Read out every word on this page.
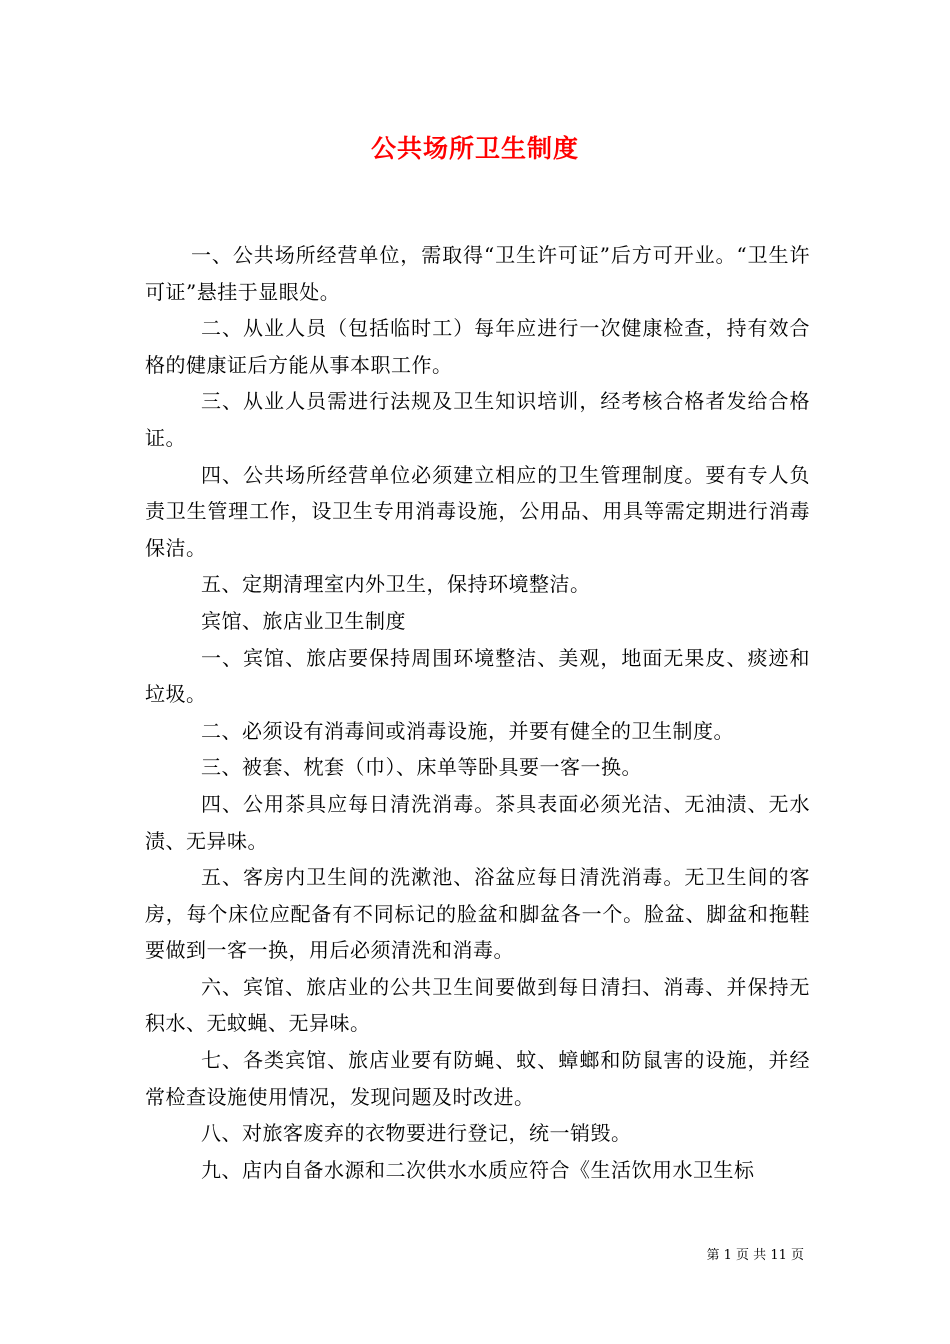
公共场所卫生制度

一、公共场所经营单位，需取得“卫生许可证”后方可开业。“卫生许可证”悬挂于显眼处。

二、从业人员（包括临时工）每年应进行一次健康检查，持有效合格的健康证后方能从事本职工作。

三、从业人员需进行法规及卫生知识培训，经考核合格者发给合格证。

四、公共场所经营单位必须建立相应的卫生管理制度。要有专人负责卫生管理工作，设卫生专用消毒设施，公用品、用具等需定期进行消毒保洁。

五、定期清理室内外卫生，保持环境整洁。

宾馆、旅店业卫生制度

一、宾馆、旅店要保持周围环境整洁、美观，地面无果皮、痰迹和垃圾。

二、必须设有消毒间或消毒设施，并要有健全的卫生制度。

三、被套、枕套（巾）、床单等卧具要一客一换。

四、公用茶具应每日清洗消毒。茶具表面必须光洁、无油渍、无水渍、无异味。

五、客房内卫生间的洗漱池、浴盆应每日清洗消毒。无卫生间的客房，每个床位应配备有不同标记的脸盆和脚盆各一个。脸盆、脚盆和拖鞋要做到一客一换，用后必须清洗和消毒。

六、宾馆、旅店业的公共卫生间要做到每日清扫、消毒、并保持无积水、无蚊蝇、无异味。

七、各类宾馆、旅店业要有防蝇、蚊、蟑螂和防鼠害的设施，并经常检查设施使用情况，发现问题及时改进。

八、对旅客废弃的衣物要进行登记，统一销毁。

九、店内自备水源和二次供水水质应符合《生活饮用水卫生标

第 1 页 共 11 页
